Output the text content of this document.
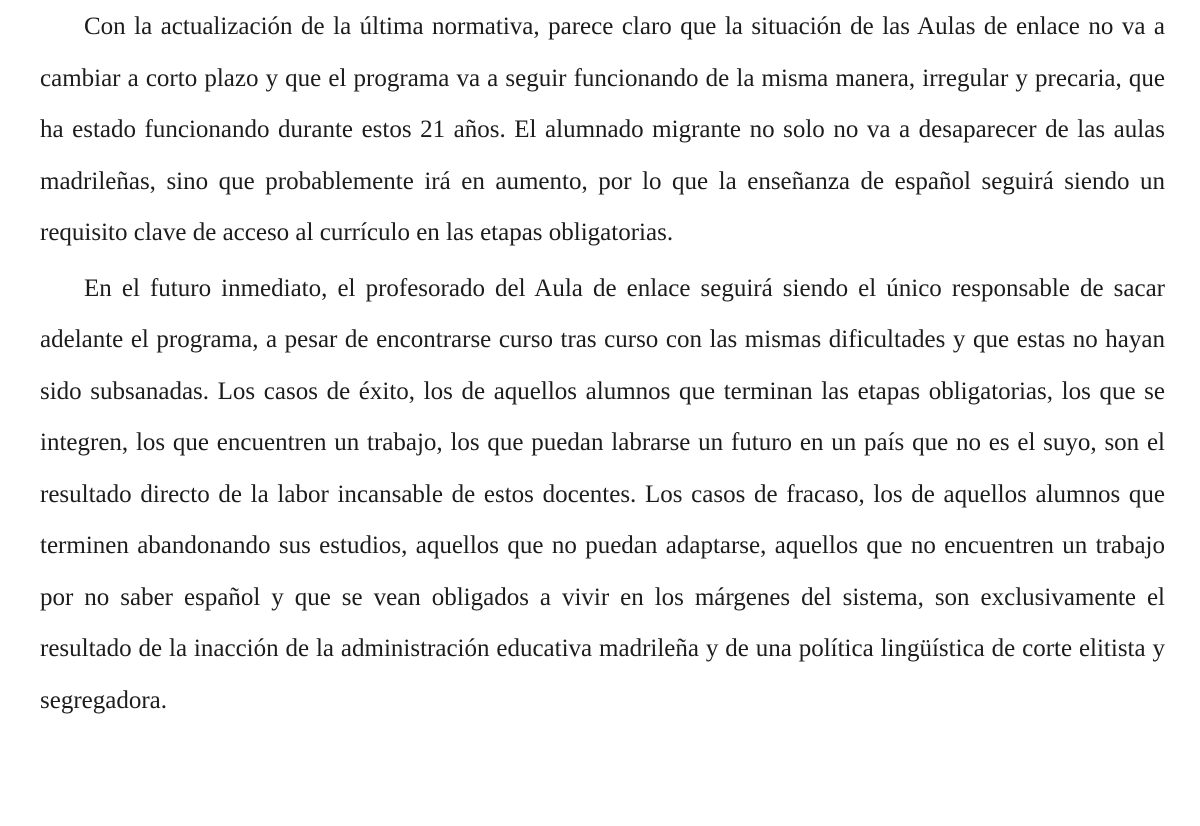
Con la actualización de la última normativa, parece claro que la situación de las Aulas de enlace no va a cambiar a corto plazo y que el programa va a seguir funcionando de la misma manera, irregular y precaria, que ha estado funcionando durante estos 21 años. El alumnado migrante no solo no va a desaparecer de las aulas madrileñas, sino que probablemente irá en aumento, por lo que la enseñanza de español seguirá siendo un requisito clave de acceso al currículo en las etapas obligatorias.

En el futuro inmediato, el profesorado del Aula de enlace seguirá siendo el único responsable de sacar adelante el programa, a pesar de encontrarse curso tras curso con las mismas dificultades y que estas no hayan sido subsanadas. Los casos de éxito, los de aquellos alumnos que terminan las etapas obligatorias, los que se integren, los que encuentren un trabajo, los que puedan labrarse un futuro en un país que no es el suyo, son el resultado directo de la labor incansable de estos docentes. Los casos de fracaso, los de aquellos alumnos que terminen abandonando sus estudios, aquellos que no puedan adaptarse, aquellos que no encuentren un trabajo por no saber español y que se vean obligados a vivir en los márgenes del sistema, son exclusivamente el resultado de la inacción de la administración educativa madrileña y de una política lingüística de corte elitista y segregadora.
